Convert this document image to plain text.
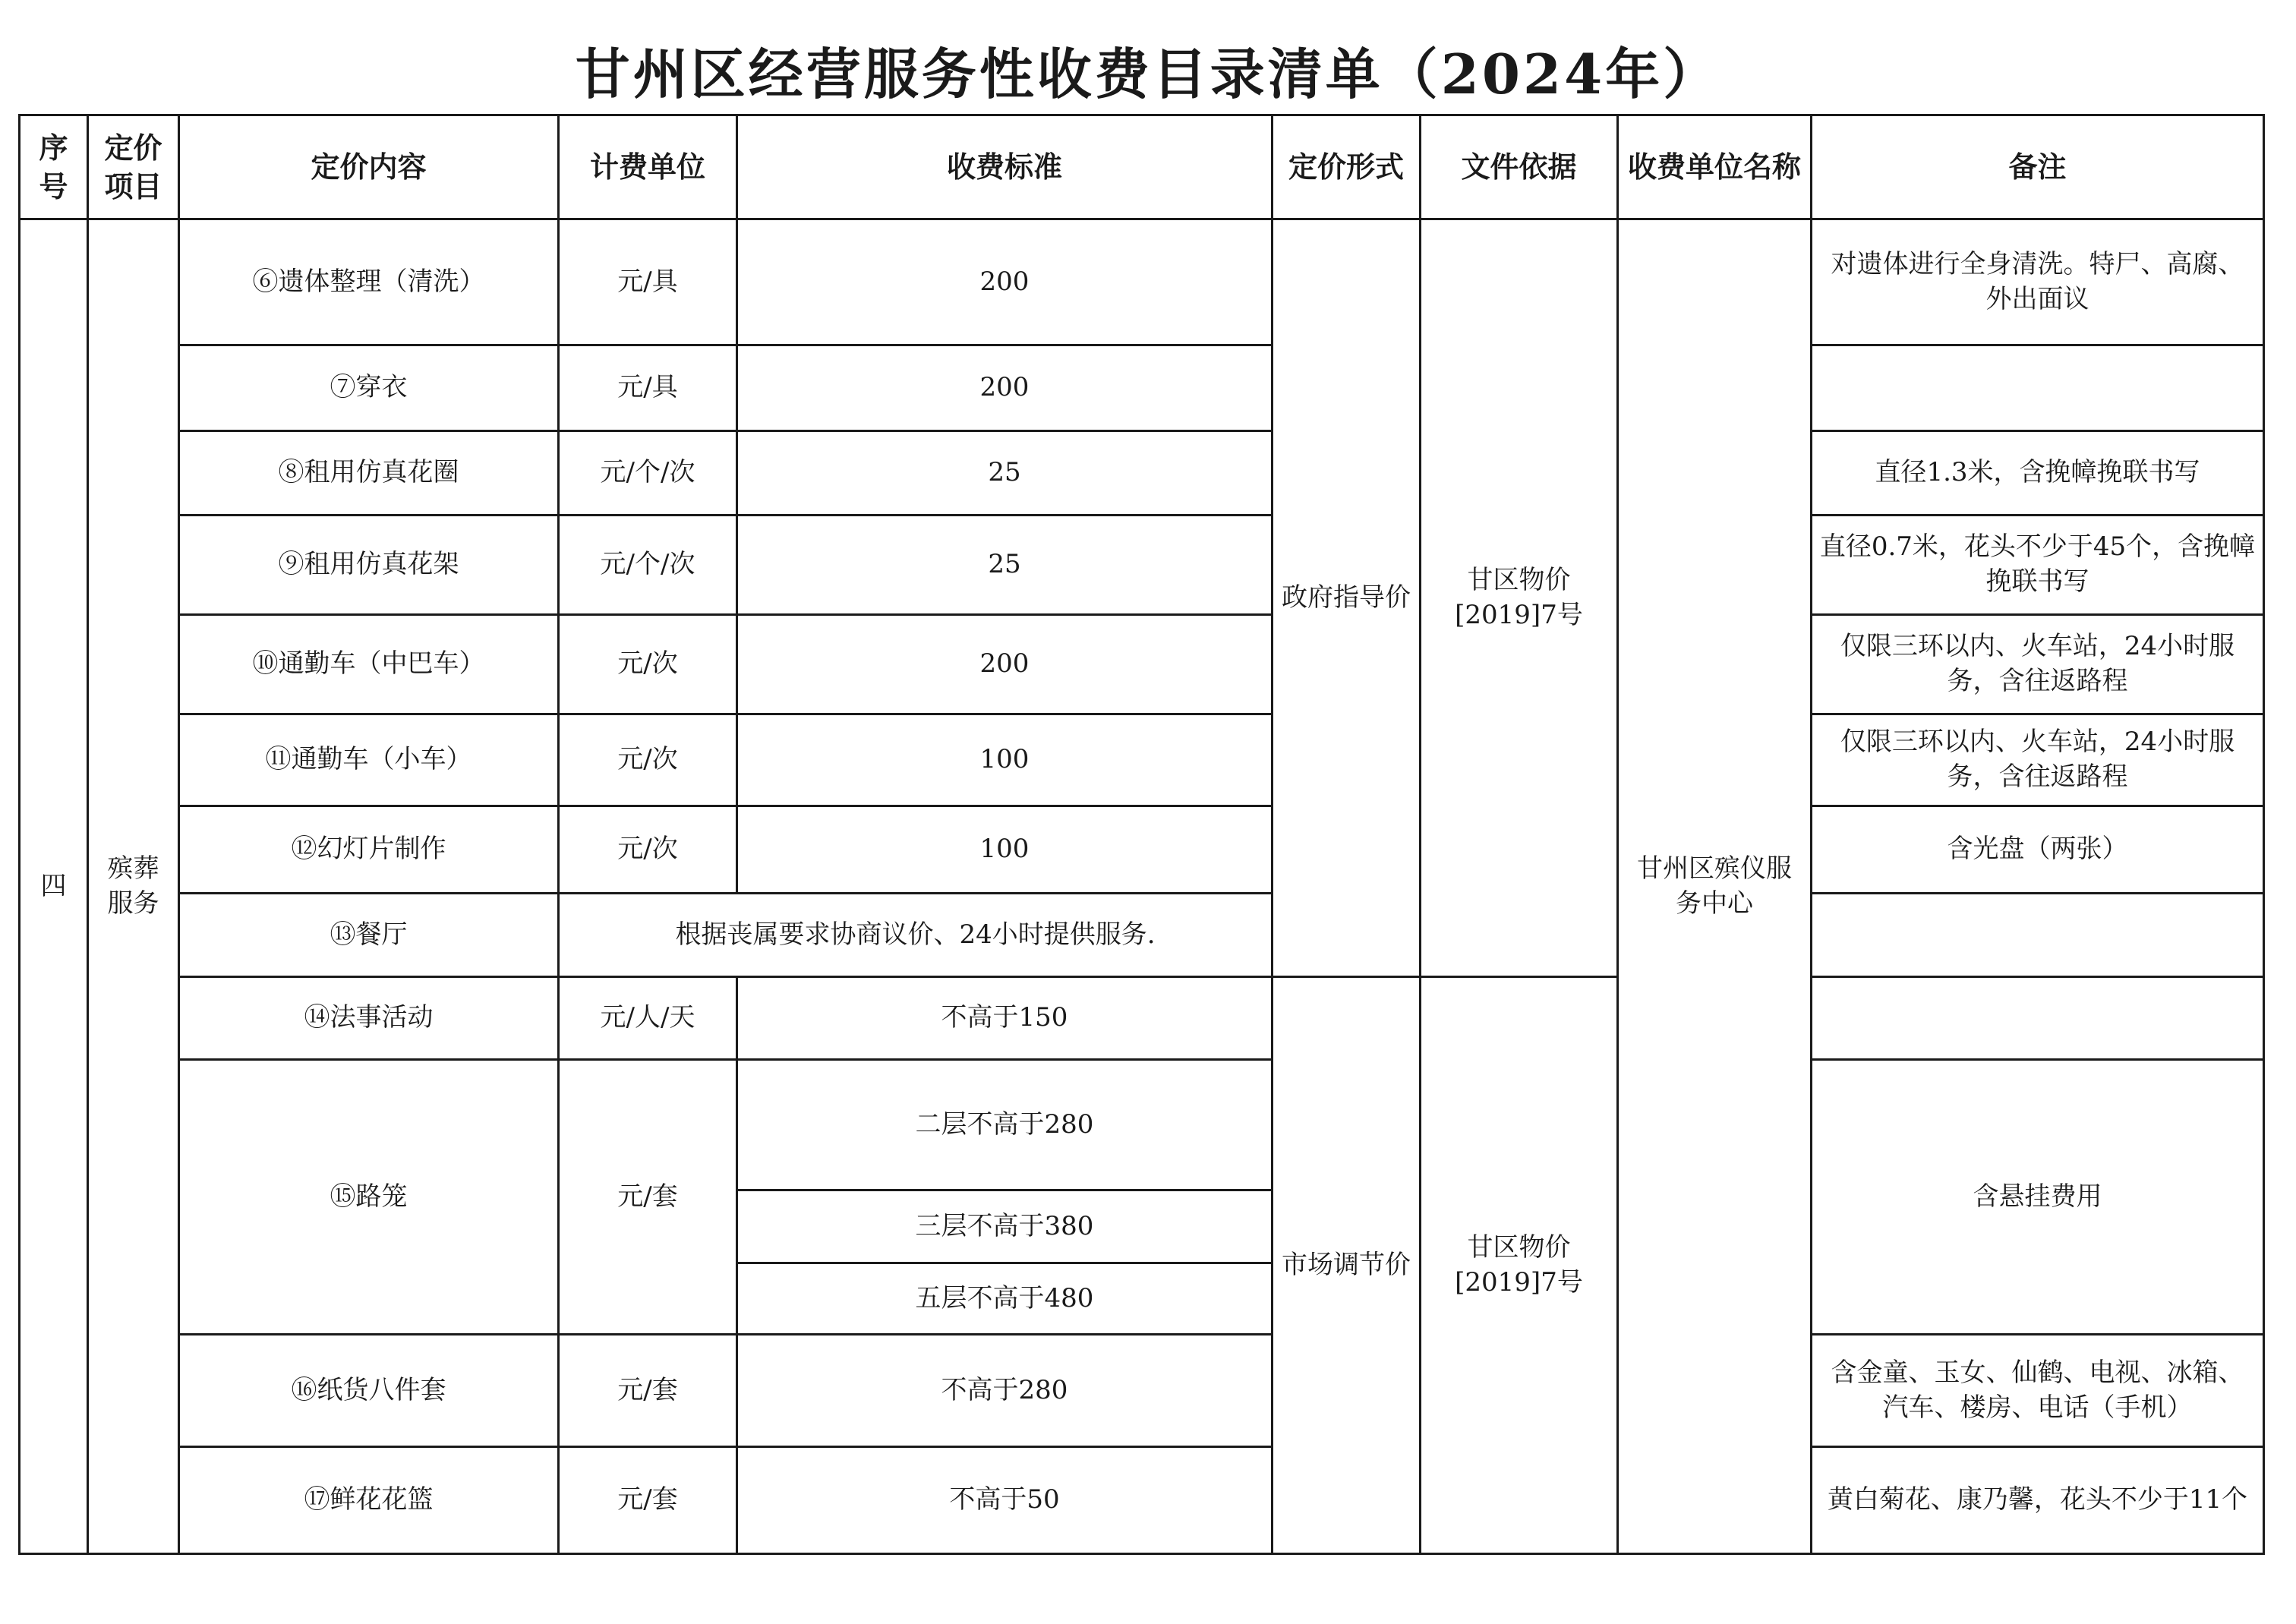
甘州区经营服务性收费目录清单（2024年）
序号	定价项目	定价内容	计费单位	收费标准	定价形式	文件依据	收费单位名称	备注
四	殡葬服务	⑥遗体整理（清洗）	元/具	200	政府指导价	甘区物价[2019]7号	甘州区殡仪服务中心	对遗体进行全身清洗。特尸、高腐、外出面议
		⑦穿衣	元/具	200				
		⑧租用仿真花圈	元/个/次	25				直径1.3米，含挽幛挽联书写
		⑨租用仿真花架	元/个/次	25				直径0.7米，花头不少于45个，含挽幛挽联书写
		⑩通勤车（中巴车）	元/次	200				仅限三环以内、火车站，24小时服务，含往返路程
		⑪通勤车（小车）	元/次	100				仅限三环以内、火车站，24小时服务，含往返路程
		⑫幻灯片制作	元/次	100				含光盘（两张）
		⑬餐厅	根据丧属要求协商议价、24小时提供服务.					
		⑭法事活动	元/人/天	不高于150	市场调节价	甘区物价[2019]7号		
		⑮路笼	元/套	二层不高于280				含悬挂费用
				三层不高于380				
				五层不高于480				
		⑯纸货八件套	元/套	不高于280				含金童、玉女、仙鹤、电视、冰箱、汽车、楼房、电话（手机）
		⑰鲜花花篮	元/套	不高于50				黄白菊花、康乃馨，花头不少于11个
